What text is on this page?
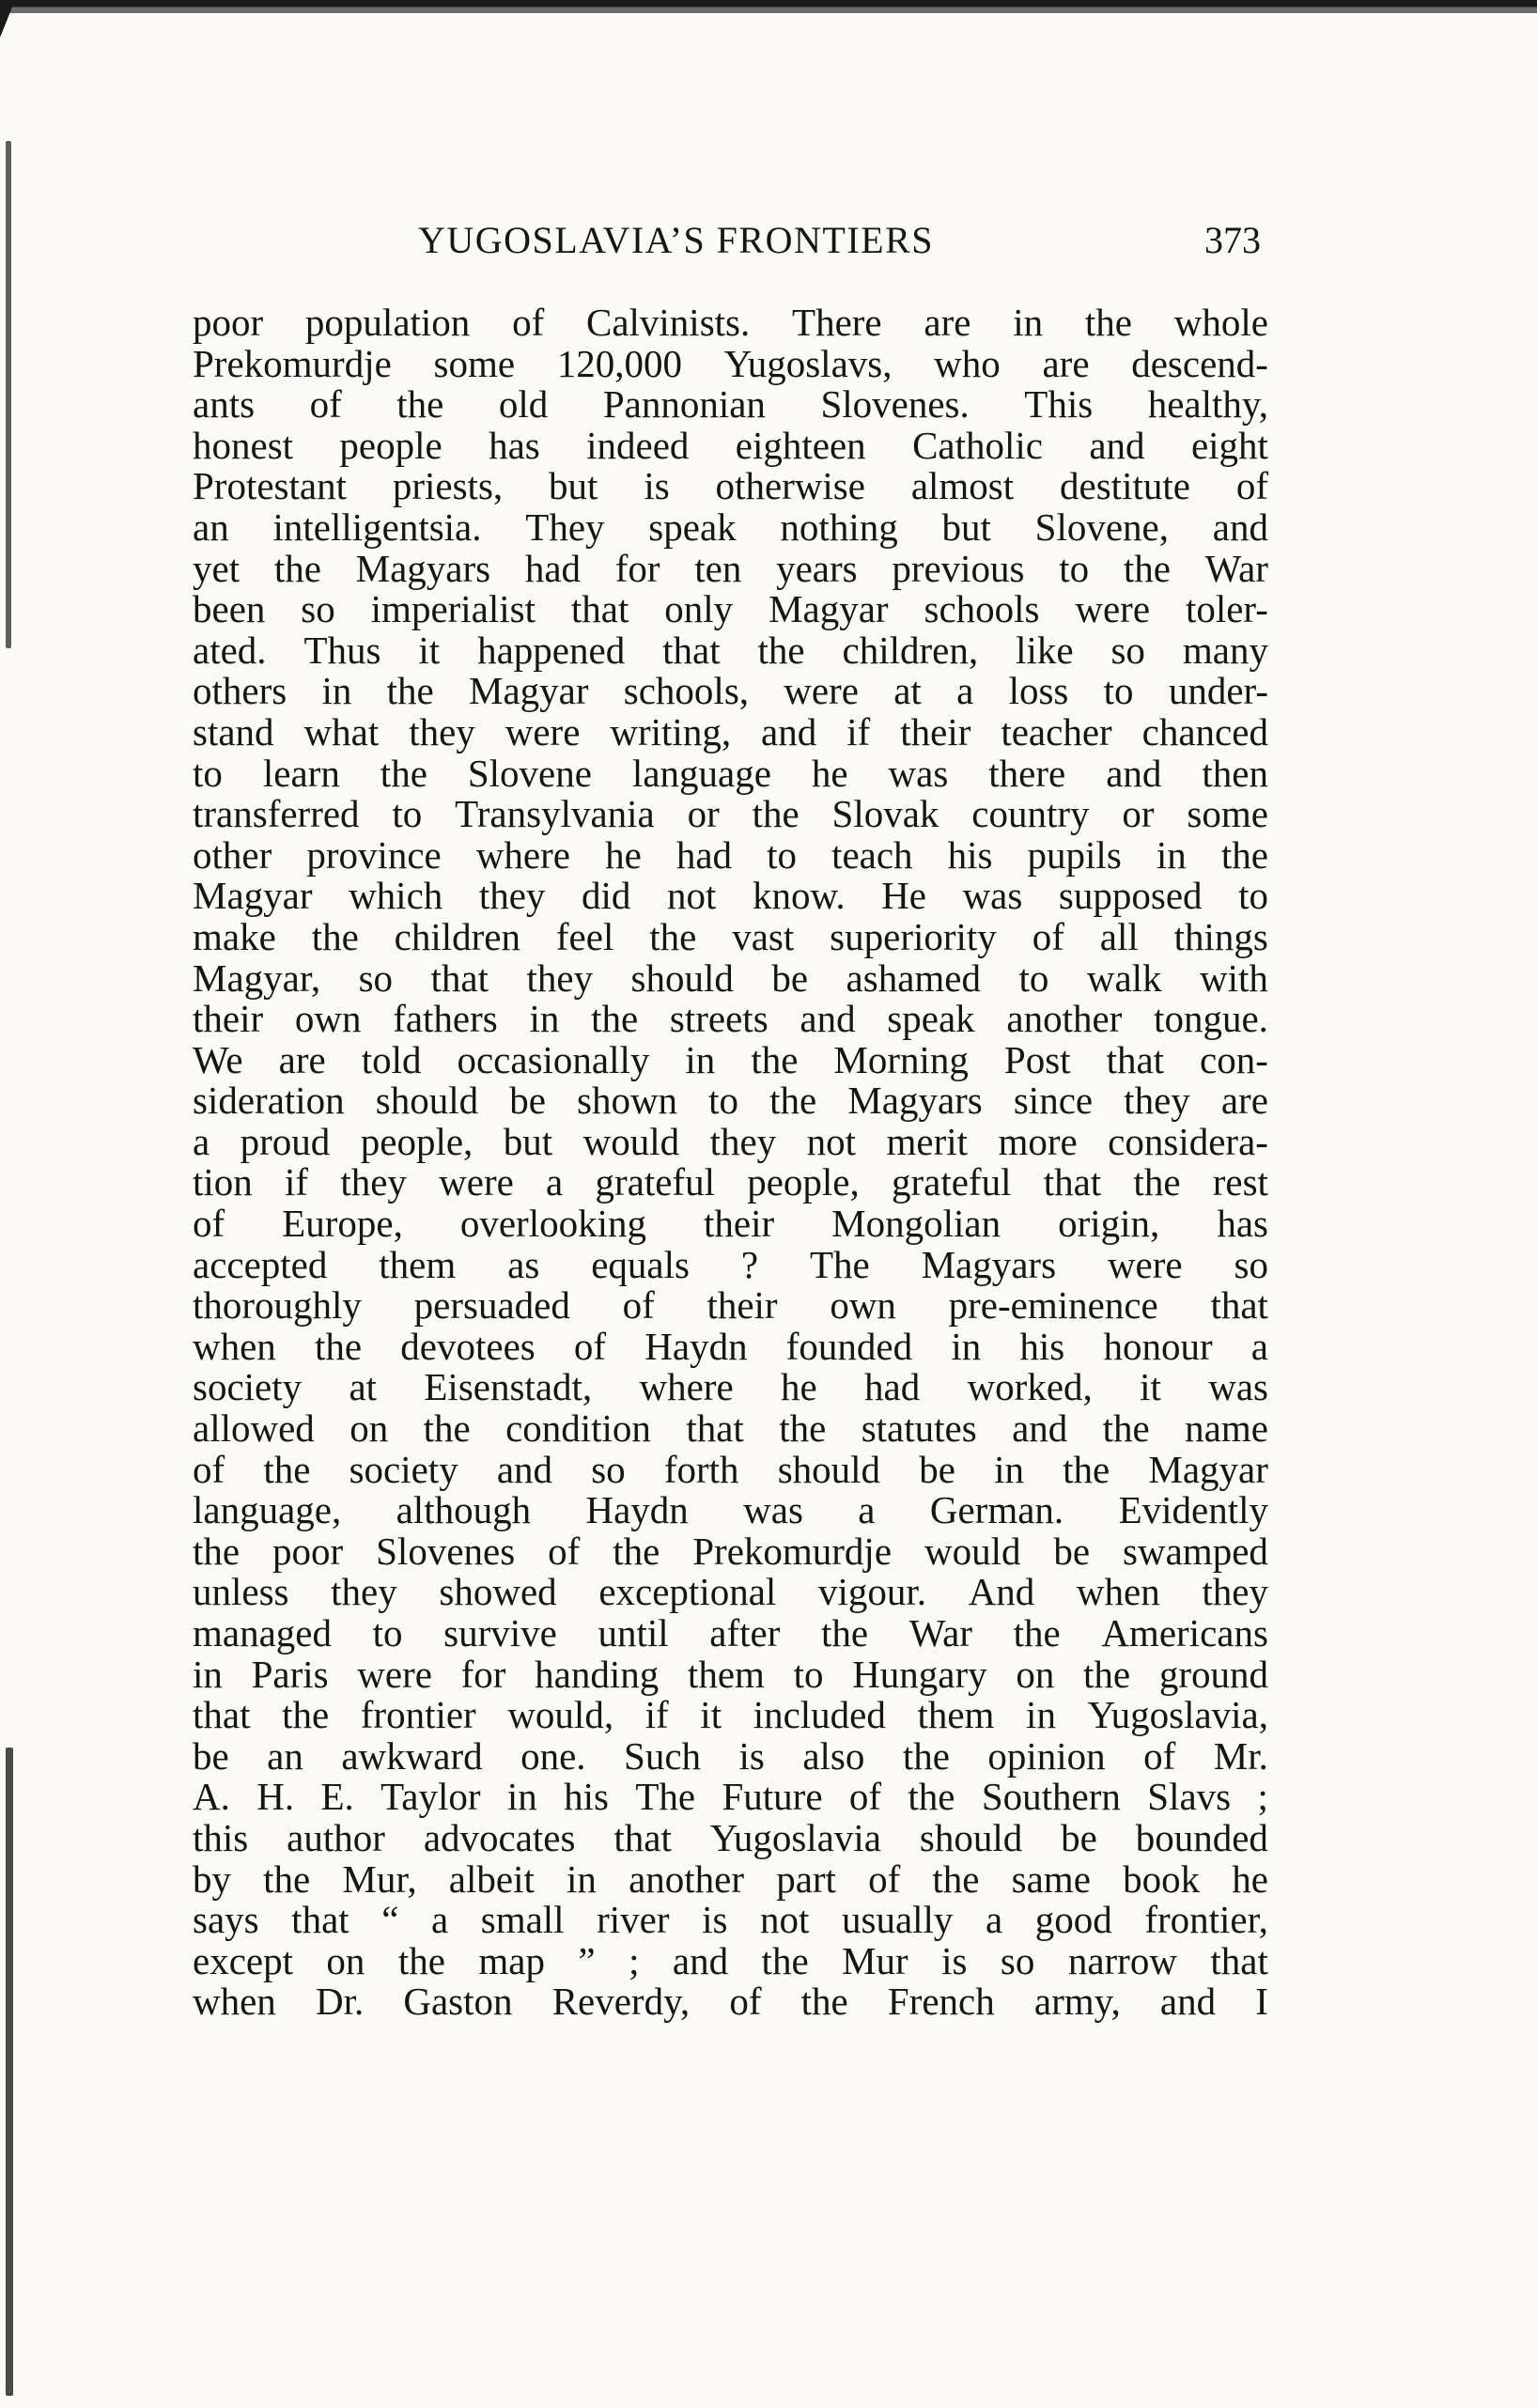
YUGOSLAVIA’S FRONTIERS	373
poor population of Calvinists. There are in the whole
Prekomurdje some 120,000 Yugoslavs, who are descend-
ants of the old Pannonian Slovenes. This healthy,
honest people has indeed eighteen Catholic and eight
Protestant priests, but is otherwise almost destitute of
an intelligentsia. They speak nothing but Slovene, and
yet the Magyars had for ten years previous to the War
been so imperialist that only Magyar schools were toler-
ated. Thus it happened that the children, like so many
others in the Magyar schools, were at a loss to under-
stand what they were writing, and if their teacher chanced
to learn the Slovene language he was there and then
transferred to Transylvania or the Slovak country or some
other province where he had to teach his pupils in the
Magyar which they did not know. He was supposed to
make the children feel the vast superiority of all things
Magyar, so that they should be ashamed to walk with
their own fathers in the streets and speak another tongue.
We are told occasionally in the Morning Post that con-
sideration should be shown to the Magyars since they are
a proud people, but would they not merit more considera-
tion if they were a grateful people, grateful that the rest
of Europe, overlooking their Mongolian origin, has
accepted them as equals ? The Magyars were so
thoroughly persuaded of their own pre-eminence that
when the devotees of Haydn founded in his honour a
society at Eisenstadt, where he had worked, it was
allowed on the condition that the statutes and the name
of the society and so forth should be in the Magyar
language, although Haydn was a German. Evidently
the poor Slovenes of the Prekomurdje would be swamped
unless they showed exceptional vigour. And when they
managed to survive until after the War the Americans
in Paris were for handing them to Hungary on the ground
that the frontier would, if it included them in Yugoslavia,
be an awkward one. Such is also the opinion of Mr.
A. H. E. Taylor in his The Future of the Southern Slavs ;
this author advocates that Yugoslavia should be bounded
by the Mur, albeit in another part of the same book he
says that “ a small river is not usually a good frontier,
except on the map ” ; and the Mur is so narrow that
when Dr. Gaston Reverdy, of the French army, and I
